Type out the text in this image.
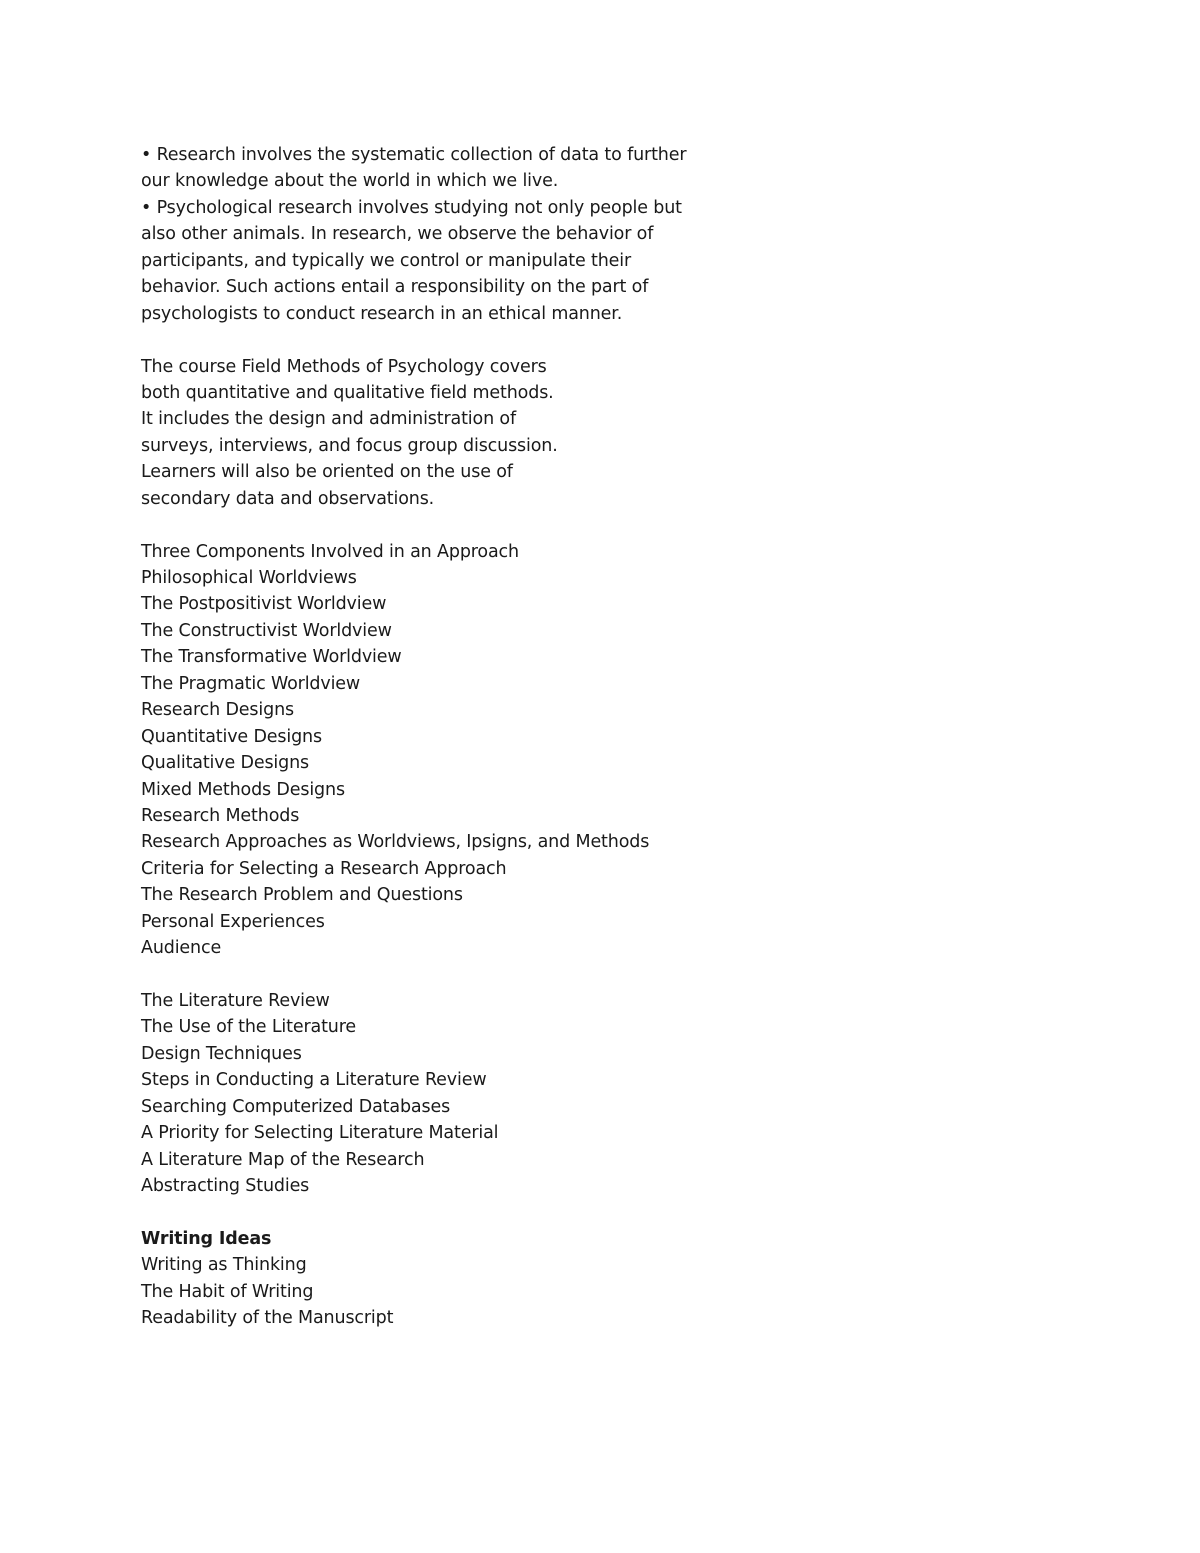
• Research involves the systematic collection of data to further
our knowledge about the world in which we live.
• Psychological research involves studying not only people but
also other animals. In research, we observe the behavior of
participants, and typically we control or manipulate their
behavior. Such actions entail a responsibility on the part of
psychologists to conduct research in an ethical manner.
The course Field Methods of Psychology covers
both quantitative and qualitative field methods.
It includes the design and administration of
surveys, interviews, and focus group discussion.
Learners will also be oriented on the use of
secondary data and observations.
Three Components Involved in an Approach
Philosophical Worldviews
The Postpositivist Worldview
The Constructivist Worldview
The Transformative Worldview
The Pragmatic Worldview
Research Designs
Quantitative Designs
Qualitative Designs
Mixed Methods Designs
Research Methods
Research Approaches as Worldviews, Ipsigns, and Methods
Criteria for Selecting a Research Approach
The Research Problem and Questions
Personal Experiences
Audience
The Literature Review
The Use of the Literature
Design Techniques
Steps in Conducting a Literature Review
Searching Computerized Databases
A Priority for Selecting Literature Material
A Literature Map of the Research
Abstracting Studies
Writing Ideas
Writing as Thinking
The Habit of Writing
Readability of the Manuscript
